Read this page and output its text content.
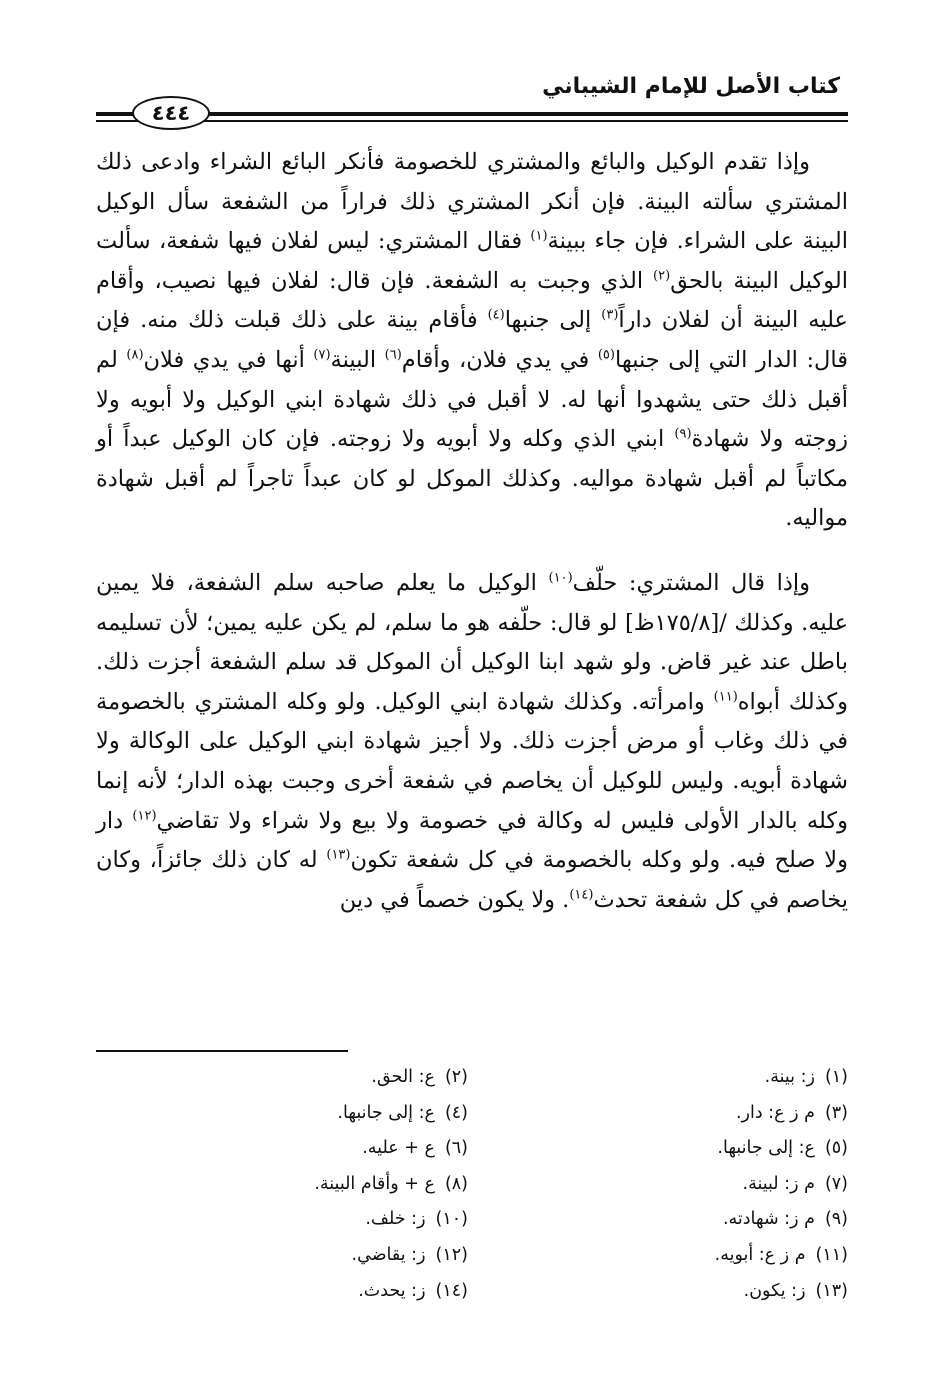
كتاب الأصل للإمام الشيباني
٤٤٤

وإذا تقدم الوكيل والبائع والمشتري للخصومة فأنكر البائع الشراء وادعى ذلك المشتري سألته البينة. فإن أنكر المشتري ذلك فراراً من الشفعة سأل الوكيل البينة على الشراء. فإن جاء ببينة$^{(١)}$ فقال المشتري: ليس لفلان فيها شفعة، سألت الوكيل البينة بالحق$^{(٢)}$ الذي وجبت به الشفعة. فإن قال: لفلان فيها نصيب، وأقام عليه البينة أن لفلان داراً$^{(٣)}$ إلى جنبها$^{(٤)}$ فأقام بينة على ذلك قبلت ذلك منه. فإن قال: الدار التي إلى جنبها$^{(٥)}$ في يدي فلان، وأقام$^{(٦)}$ البينة$^{(٧)}$ أنها في يدي فلان$^{(٨)}$ لم أقبل ذلك حتى يشهدوا أنها له. لا أقبل في ذلك شهادة ابني الوكيل ولا أبويه ولا زوجته ولا شهادة$^{(٩)}$ ابني الذي وكله ولا أبويه ولا زوجته. فإن كان الوكيل عبداً أو مكاتباً لم أقبل شهادة مواليه. وكذلك الموكل لو كان عبداً تاجراً لم أقبل شهادة مواليه.

وإذا قال المشتري: حلّف$^{(١٠)}$ الوكيل ما يعلم صاحبه سلم الشفعة، فلا يمين عليه. وكذلك /[١٧٥/٨ظ] لو قال: حلّفه هو ما سلم، لم يكن عليه يمين؛ لأن تسليمه باطل عند غير قاض. ولو شهد ابنا الوكيل أن الموكل قد سلم الشفعة أجزت ذلك. وكذلك أبواه$^{(١١)}$ وامرأته. وكذلك شهادة ابني الوكيل. ولو وكله المشتري بالخصومة في ذلك وغاب أو مرض أجزت ذلك. ولا أجيز شهادة ابني الوكيل على الوكالة ولا شهادة أبويه. وليس للوكيل أن يخاصم في شفعة أخرى وجبت بهذه الدار؛ لأنه إنما وكله بالدار الأولى فليس له وكالة في خصومة ولا بيع ولا شراء ولا تقاضي$^{(١٢)}$ دار ولا صلح فيه. ولو وكله بالخصومة في كل شفعة تكون$^{(١٣)}$ له كان ذلك جائزاً، وكان يخاصم في كل شفعة تحدث$^{(١٤)}$. ولا يكون خصماً في دين

(١)ز: بينة.
(٣)م ز ع: دار.
(٥)ع: إلى جانبها.
(٧)م ز: لبينة.
(٩)م ز: شهادته.
(١١)م ز ع: أبويه.
(١٣)ز: يكون.
(٢)ع: الحق.
(٤)ع: إلى جانبها.
(٦)ع + عليه.
(٨)ع + وأقام البينة.
(١٠)ز: خلف.
(١٢)ز: يقاضي.
(١٤)ز: يحدث.
